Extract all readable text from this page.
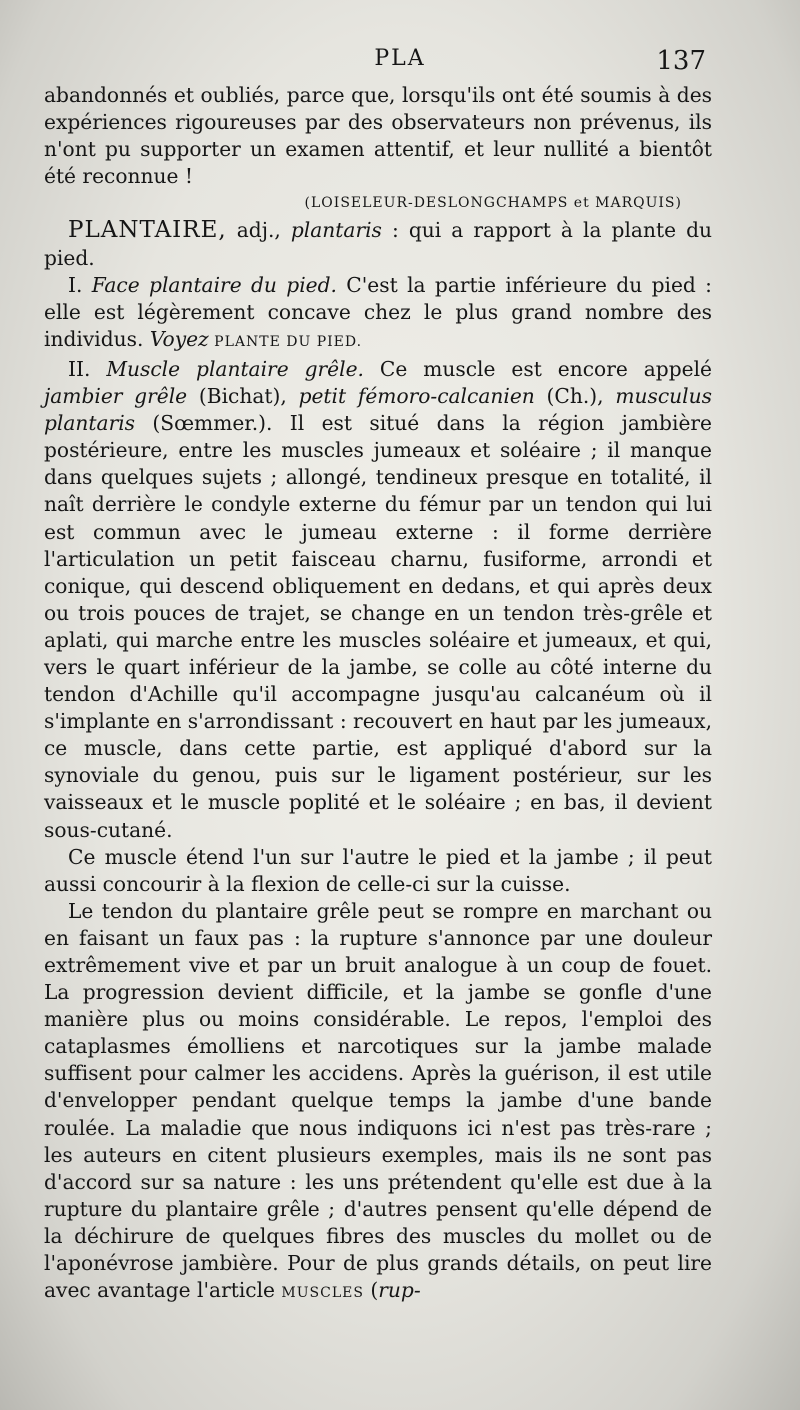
PLA	137

abandonnés et oubliés, parce que, lorsqu'ils ont été soumis à des expériences rigoureuses par des observateurs non prévenus, ils n'ont pu supporter un examen attentif, et leur nullité a bientôt été reconnue !

(LOISELEUR-DESLONGCHAMPS et MARQUIS)

PLANTAIRE, adj., plantaris : qui a rapport à la plante du pied.

I. Face plantaire du pied. C'est la partie inférieure du pied : elle est légèrement concave chez le plus grand nombre des individus. Voyez PLANTE DU PIED.

II. Muscle plantaire grêle. Ce muscle est encore appelé jambier grêle (Bichat), petit fémoro-calcanien (Ch.), musculus plantaris (Sœmmer.). Il est situé dans la région jambière postérieure, entre les muscles jumeaux et soléaire ; il manque dans quelques sujets ; allongé, tendineux presque en totalité, il naît derrière le condyle externe du fémur par un tendon qui lui est commun avec le jumeau externe : il forme derrière l'articulation un petit faisceau charnu, fusiforme, arrondi et conique, qui descend obliquement en dedans, et qui après deux ou trois pouces de trajet, se change en un tendon très-grêle et aplati, qui marche entre les muscles soléaire et jumeaux, et qui, vers le quart inférieur de la jambe, se colle au côté interne du tendon d'Achille qu'il accompagne jusqu'au calcanéum où il s'implante en s'arrondissant : recouvert en haut par les jumeaux, ce muscle, dans cette partie, est appliqué d'abord sur la synoviale du genou, puis sur le ligament postérieur, sur les vaisseaux et le muscle poplité et le soléaire ; en bas, il devient sous-cutané.

Ce muscle étend l'un sur l'autre le pied et la jambe ; il peut aussi concourir à la flexion de celle-ci sur la cuisse.

Le tendon du plantaire grêle peut se rompre en marchant ou en faisant un faux pas : la rupture s'annonce par une douleur extrêmement vive et par un bruit analogue à un coup de fouet. La progression devient difficile, et la jambe se gonfle d'une manière plus ou moins considérable. Le repos, l'emploi des cataplasmes émolliens et narcotiques sur la jambe malade suffisent pour calmer les accidens. Après la guérison, il est utile d'envelopper pendant quelque temps la jambe d'une bande roulée. La maladie que nous indiquons ici n'est pas très-rare ; les auteurs en citent plusieurs exemples, mais ils ne sont pas d'accord sur sa nature : les uns prétendent qu'elle est due à la rupture du plantaire grêle ; d'autres pensent qu'elle dépend de la déchirure de quelques fibres des muscles du mollet ou de l'aponévrose jambière. Pour de plus grands détails, on peut lire avec avantage l'article MUSCLES (rup-
